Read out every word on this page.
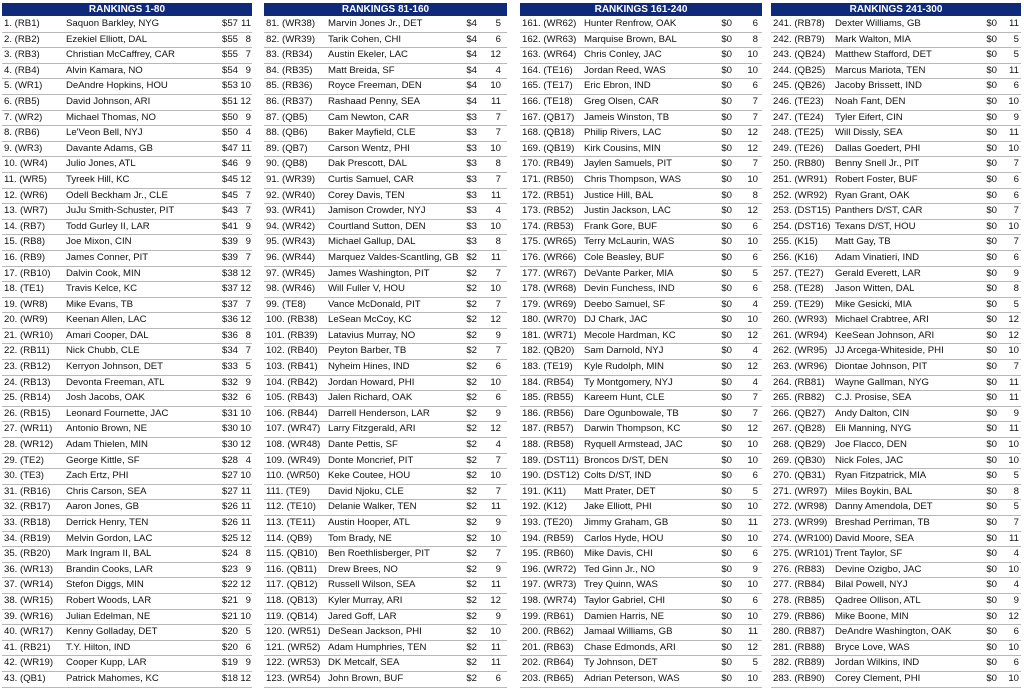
RANKINGS 1-80
1. (RB1)	Saquon Barkley, NYG	$57 11
2. (RB2)	Ezekiel Elliott, DAL	$55 8
3. (RB3)	Christian McCaffrey, CAR	$55 7
4. (RB4)	Alvin Kamara, NO	$54 9
5. (WR1)	DeAndre Hopkins, HOU	$53 10
6. (RB5)	David Johnson, ARI	$51 12
7. (WR2)	Michael Thomas, NO	$50 9
8. (RB6)	Le'Veon Bell, NYJ	$50 4
9. (WR3)	Davante Adams, GB	$47 11
10. (WR4)	Julio Jones, ATL	$46 9
11. (WR5)	Tyreek Hill, KC	$45 12
12. (WR6)	Odell Beckham Jr., CLE	$45 7
13. (WR7)	JuJu Smith-Schuster, PIT	$43 7
14. (RB7)	Todd Gurley II, LAR	$41 9
15. (RB8)	Joe Mixon, CIN	$39 9
16. (RB9)	James Conner, PIT	$39 7
17. (RB10)	Dalvin Cook, MIN	$38 12
18. (TE1)	Travis Kelce, KC	$37 12
19. (WR8)	Mike Evans, TB	$37 7
20. (WR9)	Keenan Allen, LAC	$36 12
21. (WR10)	Amari Cooper, DAL	$36 8
22. (RB11)	Nick Chubb, CLE	$34 7
23. (RB12)	Kerryon Johnson, DET	$33 5
24. (RB13)	Devonta Freeman, ATL	$32 9
25. (RB14)	Josh Jacobs, OAK	$32 6
26. (RB15)	Leonard Fournette, JAC	$31 10
27. (WR11)	Antonio Brown, NE	$30 10
28. (WR12)	Adam Thielen, MIN	$30 12
29. (TE2)	George Kittle, SF	$28 4
30. (TE3)	Zach Ertz, PHI	$27 10
31. (RB16)	Chris Carson, SEA	$27 11
32. (RB17)	Aaron Jones, GB	$26 11
33. (RB18)	Derrick Henry, TEN	$26 11
34. (RB19)	Melvin Gordon, LAC	$25 12
35. (RB20)	Mark Ingram II, BAL	$24 8
36. (WR13)	Brandin Cooks, LAR	$23 9
37. (WR14)	Stefon Diggs, MIN	$22 12
38. (WR15)	Robert Woods, LAR	$21 9
39. (WR16)	Julian Edelman, NE	$21 10
40. (WR17)	Kenny Golladay, DET	$20 5
41. (RB21)	T.Y. Hilton, IND	$20 6
42. (WR19)	Cooper Kupp, LAR	$19 9
43. (QB1)	Patrick Mahomes, KC	$18 12
RANKINGS 81-160
81. (WR38)	Marvin Jones Jr., DET	$4	5
82. (WR39)	Tarik Cohen, CHI	$4	6
83. (RB34)	Austin Ekeler, LAC	$4	12
84. (RB35)	Matt Breida, SF	$4	4
85. (RB36)	Royce Freeman, DEN	$4	10
86. (RB37)	Rashaad Penny, SEA	$4	11
87. (QB5)	Cam Newton, CAR	$3	7
88. (QB6)	Baker Mayfield, CLE	$3	7
89. (QB7)	Carson Wentz, PHI	$3	10
90. (QB8)	Dak Prescott, DAL	$3	8
91. (WR39)	Curtis Samuel, CAR	$3	7
92. (WR40)	Corey Davis, TEN	$3	11
93. (WR41)	Jamison Crowder, NYJ	$3	4
94. (WR42)	Courtland Sutton, DEN	$3	10
95. (WR43)	Michael Gallup, DAL	$3	8
96. (WR44)	Marquez Valdes-Scantling, GB $2	11
97. (WR45)	James Washington, PIT	$2	7
98. (WR46)	Will Fuller V, HOU	$2	10
99. (TE8)	Vance McDonald, PIT	$2	7
100. (RB38)	LeSean McCoy, KC	$2	12
101. (RB39)	Latavius Murray, NO	$2	9
102. (RB40)	Peyton Barber, TB	$2	7
103. (RB41)	Nyheim Hines, IND	$2	6
104. (RB42)	Jordan Howard, PHI	$2	10
105. (RB43)	Jalen Richard, OAK	$2	6
106. (RB44)	Darrell Henderson, LAR	$2	9
107. (WR47) Larry Fitzgerald, ARI	$2	12
108. (WR48) Dante Pettis, SF	$2	4
109. (WR49) Donte Moncrief, PIT	$2	7
110. (WR50) Keke Coutee, HOU	$2	10
111. (TE9)	David Njoku, CLE	$2	7
112. (TE10)	Delanie Walker, TEN	$2	11
113. (TE11)	Austin Hooper, ATL	$2	9
114. (QB9)	Tom Brady, NE	$2	10
115. (QB10)	Ben Roethlisberger, PIT	$2	7
116. (QB11)	Drew Brees, NO	$2	9
117. (QB12)	Russell Wilson, SEA	$2	11
118. (QB13)	Kyler Murray, ARI	$2	12
119. (QB14)	Jared Goff, LAR	$2	9
120. (WR51) DeSean Jackson, PHI	$2	10
121. (WR52) Adam Humphries, TEN	$2	11
122. (WR53) DK Metcalf, SEA	$2	11
123. (WR54) John Brown, BUF	$2	6
RANKINGS 161-240
161. (WR62) Hunter Renfrow, OAK	$0	6
162. (WR63) Marquise Brown, BAL	$0	8
163. (WR64) Chris Conley, JAC	$0	10
164. (TE16)	Jordan Reed, WAS	$0	10
165. (TE17)	Eric Ebron, IND	$0	6
166. (TE18)	Greg Olsen, CAR	$0	7
167. (QB17)	Jameis Winston, TB	$0	7
168. (QB18)	Philip Rivers, LAC	$0	12
169. (QB19)	Kirk Cousins, MIN	$0	12
170. (RB49)	Jaylen Samuels, PIT	$0	7
171. (RB50)	Chris Thompson, WAS	$0	10
172. (RB51)	Justice Hill, BAL	$0	8
173. (RB52)	Justin Jackson, LAC	$0	12
174. (RB53)	Frank Gore, BUF	$0	6
175. (WR65) Terry McLaurin, WAS	$0	10
176. (WR66) Cole Beasley, BUF	$0	6
177. (WR67) DeVante Parker, MIA	$0	5
178. (WR68) Devin Funchess, IND	$0	6
179. (WR69) Deebo Samuel, SF	$0	4
180. (WR70) DJ Chark, JAC	$0	10
181. (WR71) Mecole Hardman, KC	$0	12
182. (QB20)	Sam Darnold, NYJ	$0	4
183. (TE19)	Kyle Rudolph, MIN	$0	12
184. (RB54)	Ty Montgomery, NYJ	$0	4
185. (RB55)	Kareem Hunt, CLE	$0	7
186. (RB56)	Dare Ogunbowale, TB	$0	7
187. (RB57)	Darwin Thompson, KC	$0	12
188. (RB58)	Ryquell Armstead, JAC	$0	10
189. (DST11) Broncos D/ST, DEN	$0	10
190. (DST12) Colts D/ST, IND	$0	6
191. (K11)	Matt Prater, DET	$0	5
192. (K12)	Jake Elliott, PHI	$0	10
193. (TE20)	Jimmy Graham, GB	$0	11
194. (RB59)	Carlos Hyde, HOU	$0	10
195. (RB60)	Mike Davis, CHI	$0	6
196. (WR72) Ted Ginn Jr., NO	$0	9
197. (WR73) Trey Quinn, WAS	$0	10
198. (WR74) Taylor Gabriel, CHI	$0	6
199. (RB61)	Damien Harris, NE	$0	10
200. (RB62)	Jamaal Williams, GB	$0	11
201. (RB63)	Chase Edmonds, ARI	$0	12
202. (RB64)	Ty Johnson, DET	$0	5
203. (RB65)	Adrian Peterson, WAS	$0	10
RANKINGS 241-300
241. (RB78)	Dexter Williams, GB	$0	11
242. (RB79)	Mark Walton, MIA	$0	5
243. (QB24)	Matthew Stafford, DET	$0	5
244. (QB25)	Marcus Mariota, TEN	$0	11
245. (QB26)	Jacoby Brissett, IND	$0	6
246. (TE23)	Noah Fant, DEN	$0	10
247. (TE24)	Tyler Eifert, CIN	$0	9
248. (TE25)	Will Dissly, SEA	$0	11
249. (TE26)	Dallas Goedert, PHI	$0	10
250. (RB80)	Benny Snell Jr., PIT	$0	7
251. (WR91) Robert Foster, BUF	$0	6
252. (WR92) Ryan Grant, OAK	$0	6
253. (DST15) Panthers D/ST, CAR	$0	7
254. (DST16) Texans D/ST, HOU	$0	10
255. (K15)	Matt Gay, TB	$0	7
256. (K16)	Adam Vinatieri, IND	$0	6
257. (TE27)	Gerald Everett, LAR	$0	9
258. (TE28)	Jason Witten, DAL	$0	8
259. (TE29)	Mike Gesicki, MIA	$0	5
260. (WR93) Michael Crabtree, ARI	$0	12
261. (WR94) KeeSean Johnson, ARI	$0	12
262. (WR95) JJ Arcega-Whiteside, PHI	$0	10
263. (WR96) Diontae Johnson, PIT	$0	7
264. (RB81)	Wayne Gallman, NYG	$0	11
265. (RB82)	C.J. Prosise, SEA	$0	11
266. (QB27)	Andy Dalton, CIN	$0	9
267. (QB28)	Eli Manning, NYG	$0	11
268. (QB29)	Joe Flacco, DEN	$0	10
269. (QB30)	Nick Foles, JAC	$0	10
270. (QB31)	Ryan Fitzpatrick, MIA	$0	5
271. (WR97) Miles Boykin, BAL	$0	8
272. (WR98) Danny Amendola, DET	$0	5
273. (WR99) Breshad Perriman, TB	$0	7
274. (WR100) David Moore, SEA	$0	11
275. (WR101) Trent Taylor, SF	$0	4
276. (RB83)	Devine Ozigbo, JAC	$0	10
277. (RB84)	Bilal Powell, NYJ	$0	4
278. (RB85)	Qadree Ollison, ATL	$0	9
279. (RB86)	Mike Boone, MIN	$0	12
280. (RB87)	DeAndre Washington, OAK	$0	6
281. (RB88)	Bryce Love, WAS	$0	10
282. (RB89)	Jordan Wilkins, IND	$0	6
283. (RB90)	Corey Clement, PHI	$0	10
